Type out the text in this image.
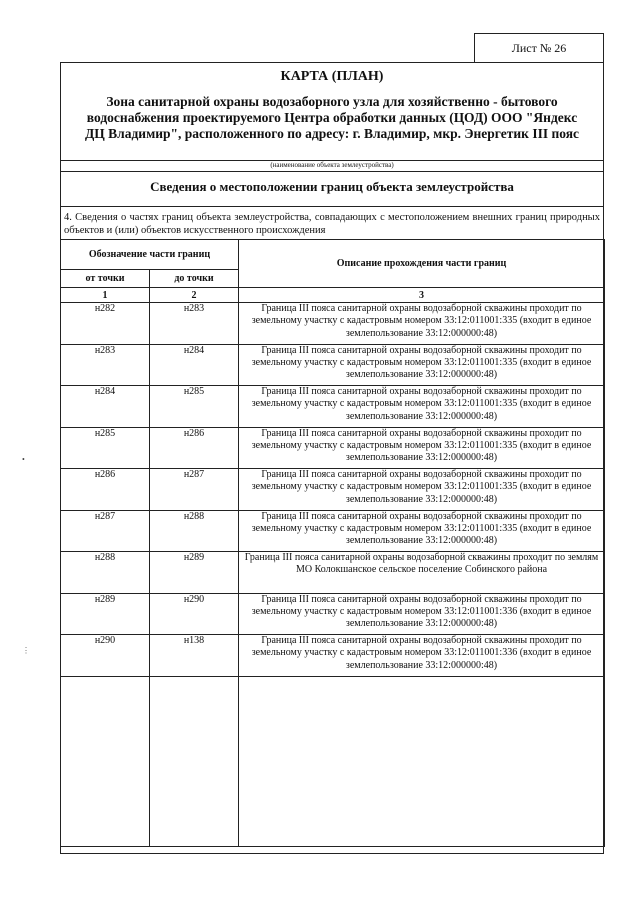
Лист № 26
КАРТА (ПЛАН)
Зона санитарной охраны водозаборного узла для хозяйственно - бытового водоснабжения проектируемого Центра обработки данных (ЦОД) ООО "Яндекс ДЦ Владимир", расположенного по адресу: г. Владимир, мкр. Энергетик III пояс
(наименование объекта землеустройства)
Сведения о местоположении границ объекта землеустройства
4. Сведения о частях границ объекта землеустройства, совпадающих с местоположением внешних границ природных объектов и (или) объектов искусственного происхождения
Обозначение части границ		Описание прохождения части границ
от точки	до точки	
1	2	3
н282	н283	Граница III пояса санитарной охраны водозаборной скважины проходит по земельному участку с кадастровым номером 33:12:011001:335 (входит в единое землепользование 33:12:000000:48)
н283	н284	Граница III пояса санитарной охраны водозаборной скважины проходит по земельному участку с кадастровым номером 33:12:011001:335 (входит в единое землепользование 33:12:000000:48)
н284	н285	Граница III пояса санитарной охраны водозаборной скважины проходит по земельному участку с кадастровым номером 33:12:011001:335 (входит в единое землепользование 33:12:000000:48)
н285	н286	Граница III пояса санитарной охраны водозаборной скважины проходит по земельному участку с кадастровым номером 33:12:011001:335 (входит в единое землепользование 33:12:000000:48)
н286	н287	Граница III пояса санитарной охраны водозаборной скважины проходит по земельному участку с кадастровым номером 33:12:011001:335 (входит в единое землепользование 33:12:000000:48)
н287	н288	Граница III пояса санитарной охраны водозаборной скважины проходит по земельному участку с кадастровым номером 33:12:011001:335 (входит в единое землепользование 33:12:000000:48)
н288	н289	Граница III пояса санитарной охраны водозаборной скважины проходит по землям МО Колокшанское сельское поселение Собинского района
н289	н290	Граница III пояса санитарной охраны водозаборной скважины проходит по земельному участку с кадастровым номером 33:12:011001:336 (входит в единое землепользование 33:12:000000:48)
н290	н138	Граница III пояса санитарной охраны водозаборной скважины проходит по земельному участку с кадастровым номером 33:12:011001:336 (входит в единое землепользование 33:12:000000:48)

•
⋮
